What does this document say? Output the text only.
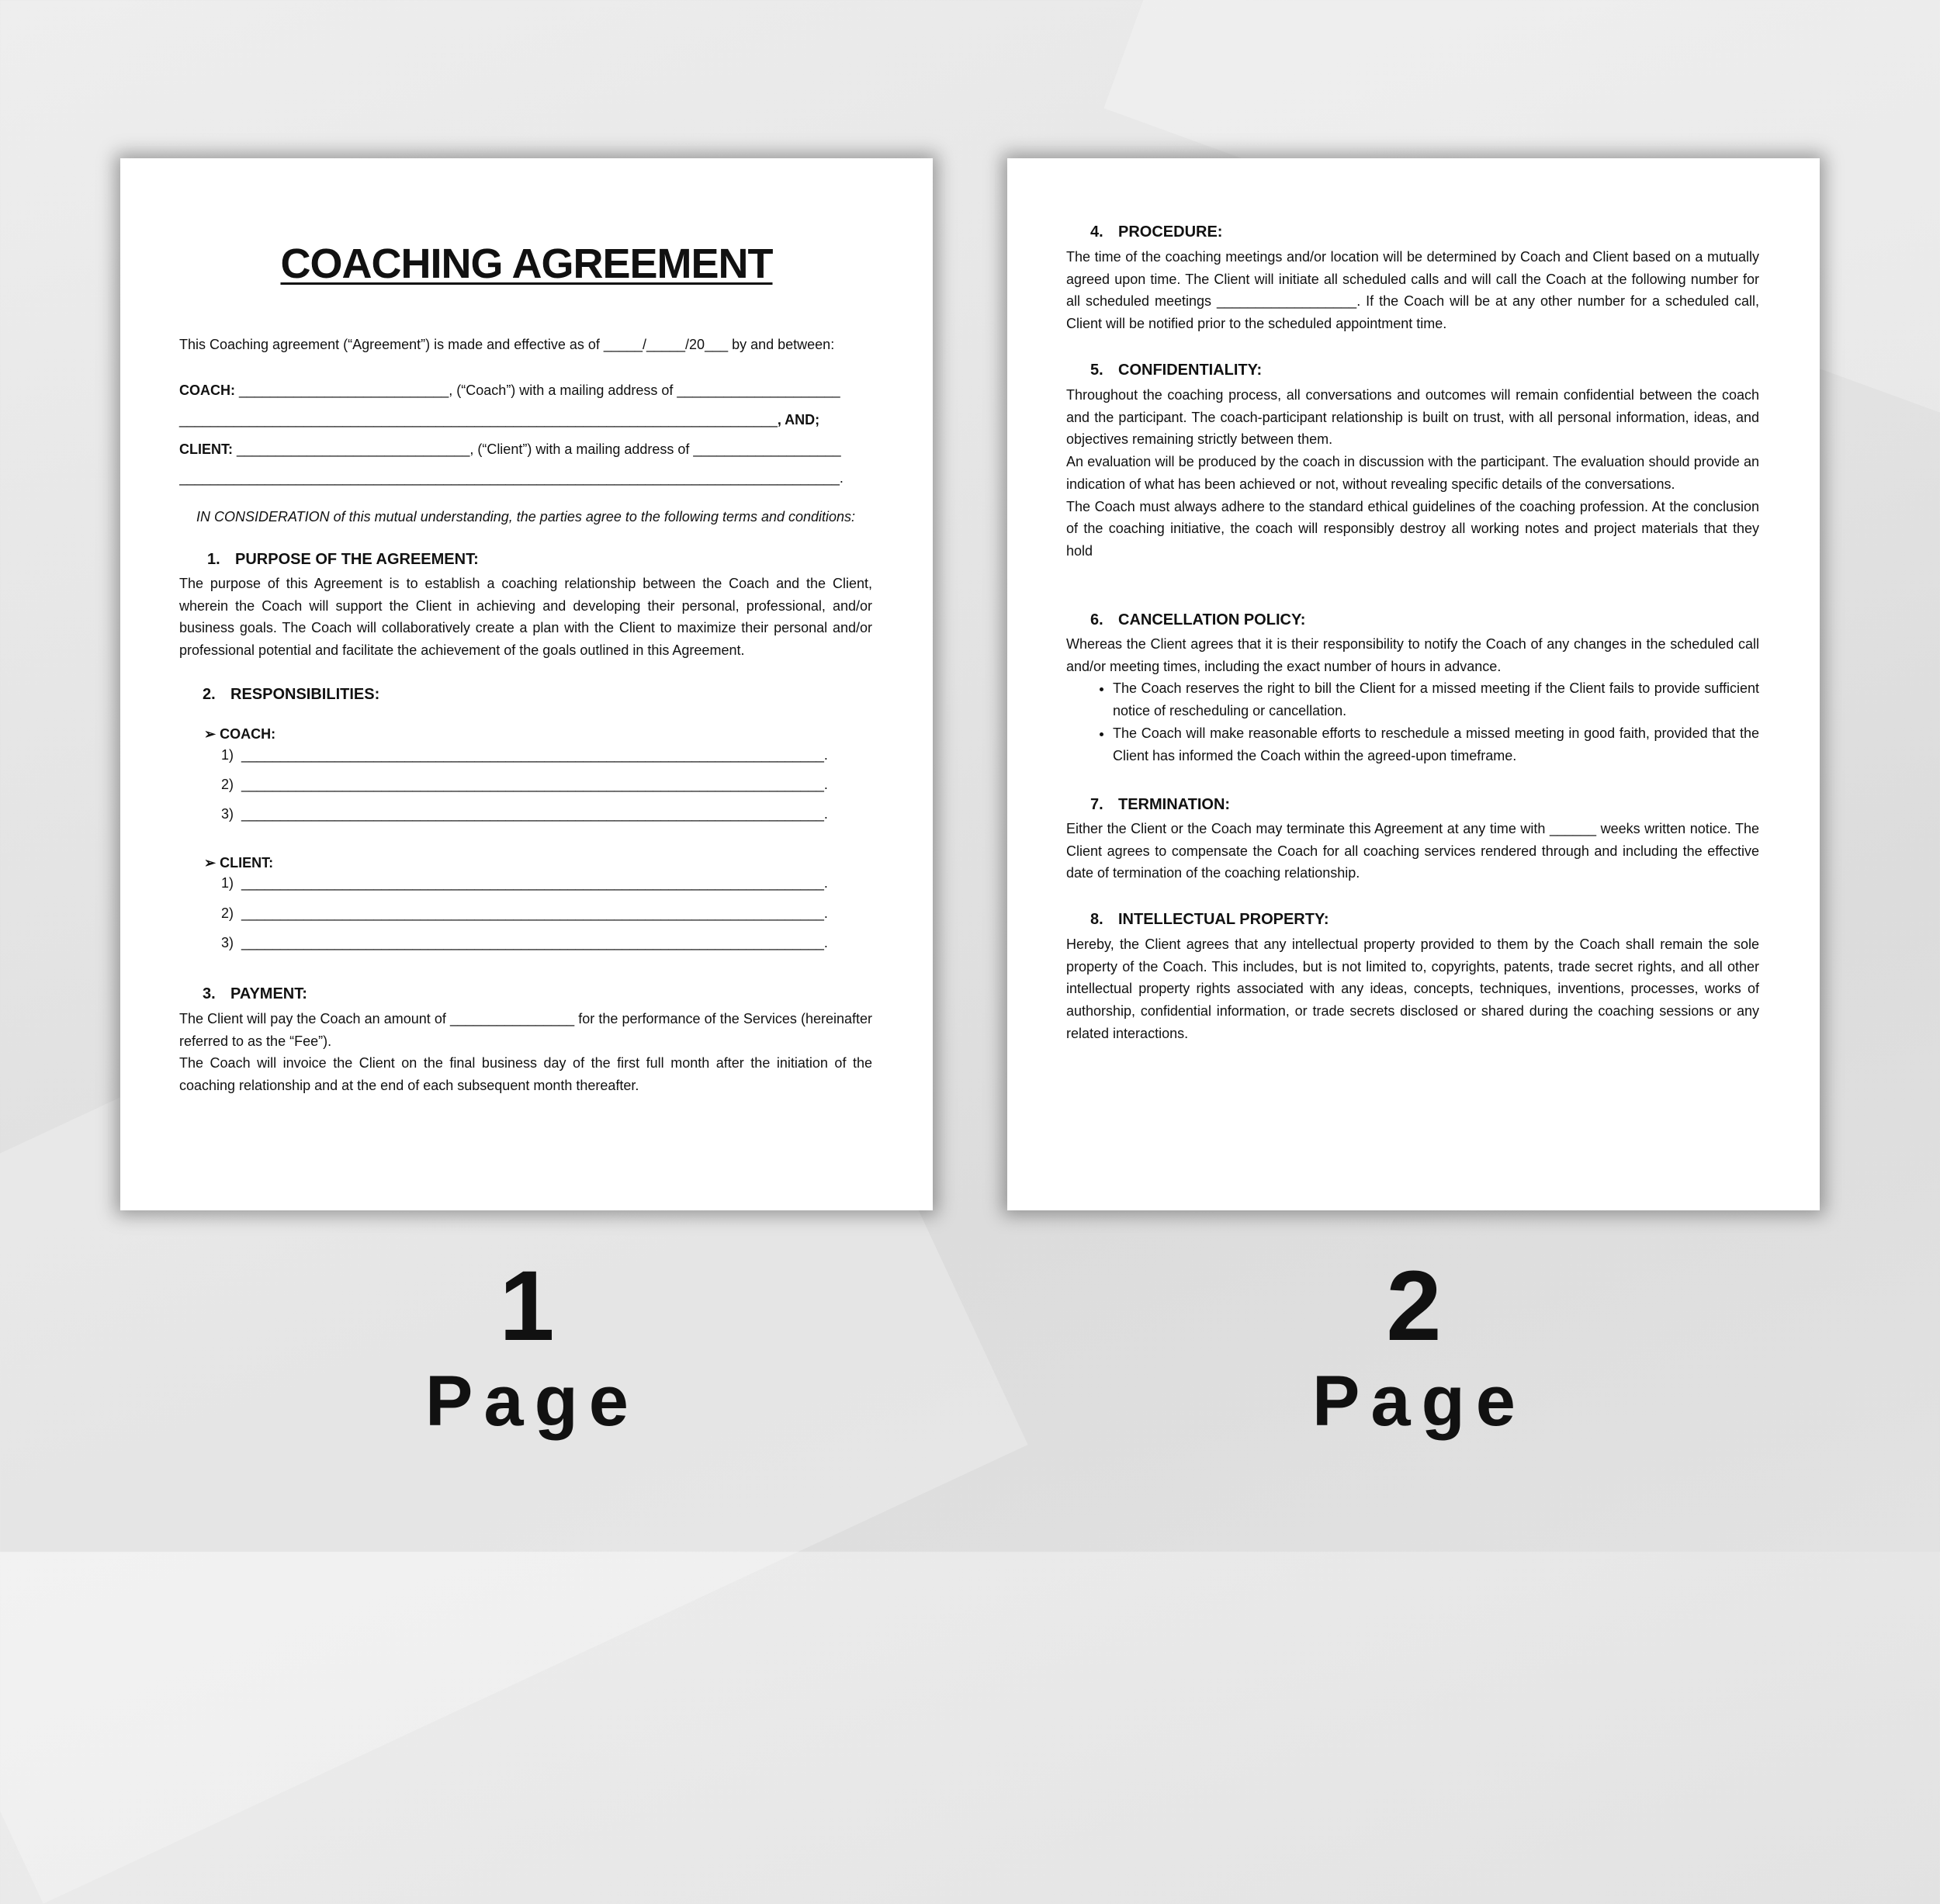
COACHING AGREEMENT
This Coaching agreement (“Agreement”) is made and effective as of _____/_____/20___ by and between:
COACH: ___________________________, (“Coach”) with a mailing address of _____________________
_____________________________________________________________________________, AND;
CLIENT: ______________________________, (“Client”) with a mailing address of ___________________
_____________________________________________________________________________________.
IN CONSIDERATION of this mutual understanding, the parties agree to the following terms and conditions:
1. PURPOSE OF THE AGREEMENT:
The purpose of this Agreement is to establish a coaching relationship between the Coach and the Client, wherein the Coach will support the Client in achieving and developing their personal, professional, and/or business goals. The Coach will collaboratively create a plan with the Client to maximize their personal and/or professional potential and facilitate the achievement of the goals outlined in this Agreement.
2. RESPONSIBILITIES:
➢ COACH:
1) ___________________________________________________________________________.
2) ___________________________________________________________________________.
3) ___________________________________________________________________________.
➢ CLIENT:
1) ___________________________________________________________________________.
2) ___________________________________________________________________________.
3) ___________________________________________________________________________.
3. PAYMENT:
The Client will pay the Coach an amount of ________________ for the performance of the Services (hereinafter referred to as the “Fee”).
The Coach will invoice the Client on the final business day of the first full month after the initiation of the coaching relationship and at the end of each subsequent month thereafter.
4. PROCEDURE:
The time of the coaching meetings and/or location will be determined by Coach and Client based on a mutually agreed upon time. The Client will initiate all scheduled calls and will call the Coach at the following number for all scheduled meetings __________________. If the Coach will be at any other number for a scheduled call, Client will be notified prior to the scheduled appointment time.
5. CONFIDENTIALITY:
Throughout the coaching process, all conversations and outcomes will remain confidential between the coach and the participant. The coach-participant relationship is built on trust, with all personal information, ideas, and objectives remaining strictly between them.
An evaluation will be produced by the coach in discussion with the participant. The evaluation should provide an indication of what has been achieved or not, without revealing specific details of the conversations.
The Coach must always adhere to the standard ethical guidelines of the coaching profession. At the conclusion of the coaching initiative, the coach will responsibly destroy all working notes and project materials that they hold
6. CANCELLATION POLICY:
Whereas the Client agrees that it is their responsibility to notify the Coach of any changes in the scheduled call and/or meeting times, including the exact number of hours in advance.
• The Coach reserves the right to bill the Client for a missed meeting if the Client fails to provide sufficient notice of rescheduling or cancellation.
• The Coach will make reasonable efforts to reschedule a missed meeting in good faith, provided that the Client has informed the Coach within the agreed-upon timeframe.
7. TERMINATION:
Either the Client or the Coach may terminate this Agreement at any time with ______ weeks written notice. The Client agrees to compensate the Coach for all coaching services rendered through and including the effective date of termination of the coaching relationship.
8. INTELLECTUAL PROPERTY:
Hereby, the Client agrees that any intellectual property provided to them by the Coach shall remain the sole property of the Coach. This includes, but is not limited to, copyrights, patents, trade secret rights, and all other intellectual property rights associated with any ideas, concepts, techniques, inventions, processes, works of authorship, confidential information, or trade secrets disclosed or shared during the coaching sessions or any related interactions.
1
Page
2
Page
